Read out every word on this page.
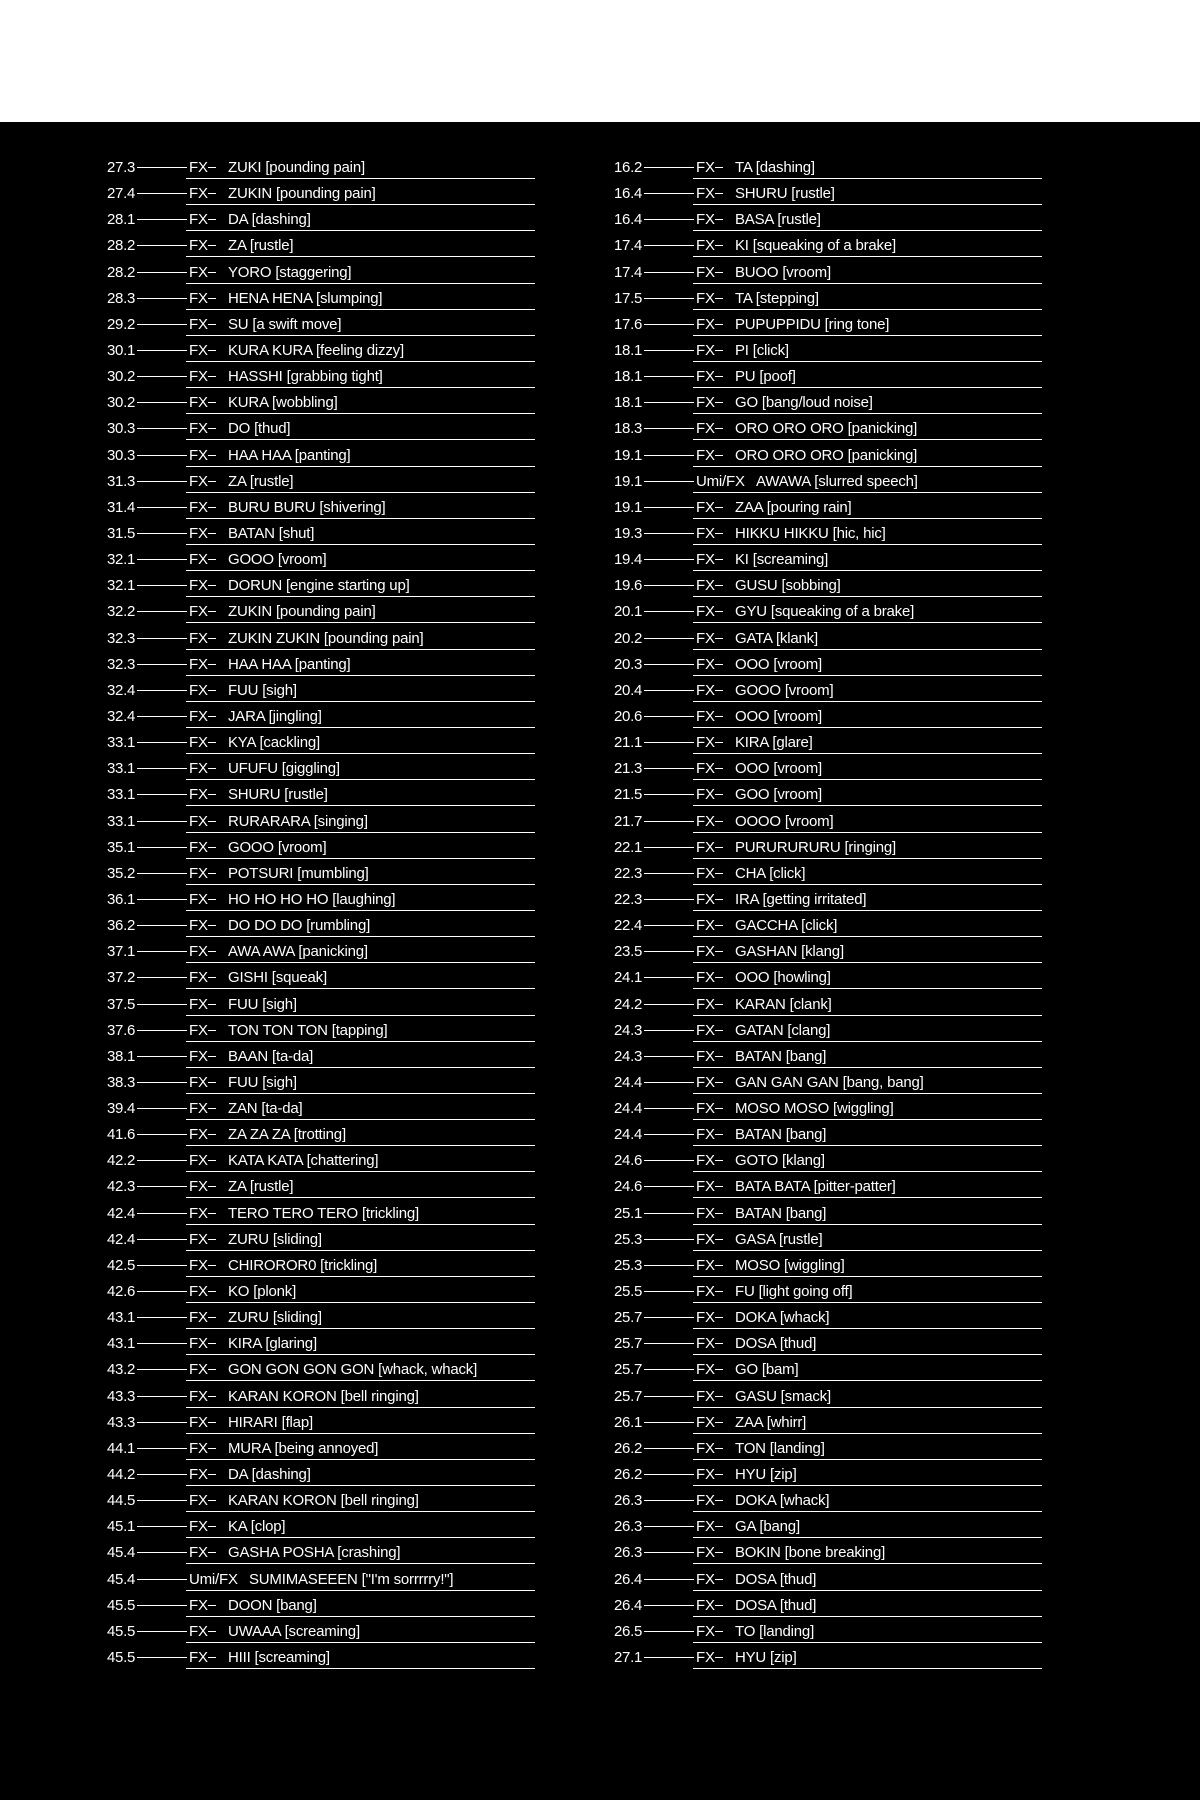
27.3	FX ZUKI [pounding pain]
27.4	FX ZUKIN [pounding pain]
28.1	FX DA [dashing]
28.2	FX ZA [rustle]
28.2	FX YORO [staggering]
28.3	FX HENA HENA [slumping]
29.2	FX SU [a swift move]
30.1	FX KURA KURA [feeling dizzy]
30.2	FX HASSHI [grabbing tight]
30.2	FX KURA [wobbling]
30.3	FX DO [thud]
30.3	FX HAA HAA [panting]
31.3	FX ZA [rustle]
31.4	FX BURU BURU [shivering]
31.5	FX BATAN [shut]
32.1	FX GOOO [vroom]
32.1	FX DORUN [engine starting up]
32.2	FX ZUKIN [pounding pain]
32.3	FX ZUKIN ZUKIN [pounding pain]
32.3	FX HAA HAA [panting]
32.4	FX FUU [sigh]
32.4	FX JARA [jingling]
33.1	FX KYA [cackling]
33.1	FX UFUFU [giggling]
33.1	FX SHURU [rustle]
33.1	FX RURARARA [singing]
35.1	FX GOOO [vroom]
35.2	FX POTSURI [mumbling]
36.1	FX HO HO HO HO [laughing]
36.2	FX DO DO DO [rumbling]
37.1	FX AWA AWA [panicking]
37.2	FX GISHI [squeak]
37.5	FX FUU [sigh]
37.6	FX TON TON TON [tapping]
38.1	FX BAAN [ta-da]
38.3	FX FUU [sigh]
39.4	FX ZAN [ta-da]
41.6	FX ZA ZA ZA [trotting]
42.2	FX KATA KATA [chattering]
42.3	FX ZA [rustle]
42.4	FX TERO TERO TERO [trickling]
42.4	FX ZURU [sliding]
42.5	FX CHIROROR0 [trickling]
42.6	FX KO [plonk]
43.1	FX ZURU [sliding]
43.1	FX KIRA [glaring]
43.2	FX GON GON GON GON [whack, whack]
43.3	FX KARAN KORON [bell ringing]
43.3	FX HIRARI [flap]
44.1	FX MURA [being annoyed]
44.2	FX DA [dashing]
44.5	FX KARAN KORON [bell ringing]
45.1	FX KA [clop]
45.4	FX GASHA POSHA [crashing]
45.4	Umi/FX SUMIMASEEEN ["I'm sorrrrry!"]
45.5	FX DOON [bang]
45.5	FX UWAAA [screaming]
45.5	FX HIII [screaming]
16.2	FX TA [dashing]
16.4	FX SHURU [rustle]
16.4	FX BASA [rustle]
17.4	FX KI [squeaking of a brake]
17.4	FX BUOO [vroom]
17.5	FX TA [stepping]
17.6	FX PUPUPPIDU [ring tone]
18.1	FX PI [click]
18.1	FX PU [poof]
18.1	FX GO [bang/loud noise]
18.3	FX ORO ORO ORO [panicking]
19.1	FX ORO ORO ORO [panicking]
19.1	Umi/FX AWAWA [slurred speech]
19.1	FX ZAA [pouring rain]
19.3	FX HIKKU HIKKU [hic, hic]
19.4	FX KI [screaming]
19.6	FX GUSU [sobbing]
20.1	FX GYU [squeaking of a brake]
20.2	FX GATA [klank]
20.3	FX OOO [vroom]
20.4	FX GOOO [vroom]
20.6	FX OOO [vroom]
21.1	FX KIRA [glare]
21.3	FX OOO [vroom]
21.5	FX GOO [vroom]
21.7	FX OOOO [vroom]
22.1	FX PURURURURU [ringing]
22.3	FX CHA [click]
22.3	FX IRA [getting irritated]
22.4	FX GACCHA [click]
23.5	FX GASHAN [klang]
24.1	FX OOO [howling]
24.2	FX KARAN [clank]
24.3	FX GATAN [clang]
24.3	FX BATAN [bang]
24.4	FX GAN GAN GAN [bang, bang]
24.4	FX MOSO MOSO [wiggling]
24.4	FX BATAN [bang]
24.6	FX GOTO [klang]
24.6	FX BATA BATA [pitter-patter]
25.1	FX BATAN [bang]
25.3	FX GASA [rustle]
25.3	FX MOSO [wiggling]
25.5	FX FU [light going off]
25.7	FX DOKA [whack]
25.7	FX DOSA [thud]
25.7	FX GO [bam]
25.7	FX GASU [smack]
26.1	FX ZAA [whirr]
26.2	FX TON [landing]
26.2	FX HYU [zip]
26.3	FX DOKA [whack]
26.3	FX GA [bang]
26.3	FX BOKIN [bone breaking]
26.4	FX DOSA [thud]
26.4	FX DOSA [thud]
26.5	FX TO [landing]
27.1	FX HYU [zip]
